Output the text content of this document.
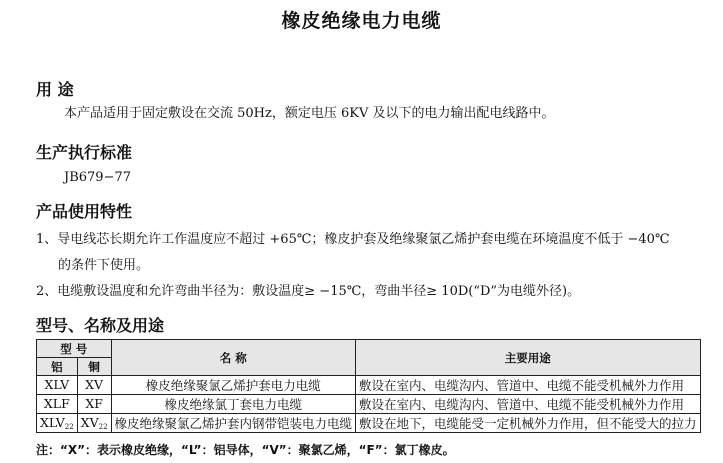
橡皮绝缘电力电缆
用 途
本产品适用于固定敷设在交流 50Hz，额定电压 6KV 及以下的电力输出配电线路中。
生产执行标准
JB679−77
产品使用特性
1、导电线芯长期允许工作温度应不超过 +65℃；橡皮护套及绝缘聚氯乙烯护套电缆在环境温度不低于 −40℃
的条件下使用。
2、电缆敷设温度和允许弯曲半径为：敷设温度≥ −15℃，弯曲半径≥ 10D(“D”为电缆外径)。
型号、名称及用途
型 号		名 称	主要用途
铝	铜		
XLV	XV	橡皮绝缘聚氯乙烯护套电力电缆	敷设在室内、电缆沟内、管道中、电缆不能受机械外力作用
XLF	XF	橡皮绝缘氯丁套电力电缆	敷设在室内、电缆沟内、管道中、电缆不能受机械外力作用
$XLV_{22}$	$XV_{22}$	橡皮绝缘聚氯乙烯护套内钢带铠装电力电缆	敷设在地下，电缆能受一定机械外力作用，但不能受大的拉力
注：“X”：表示橡皮绝缘，“L”：铝导体，“V”：聚氯乙烯，“F”：氯丁橡皮。
